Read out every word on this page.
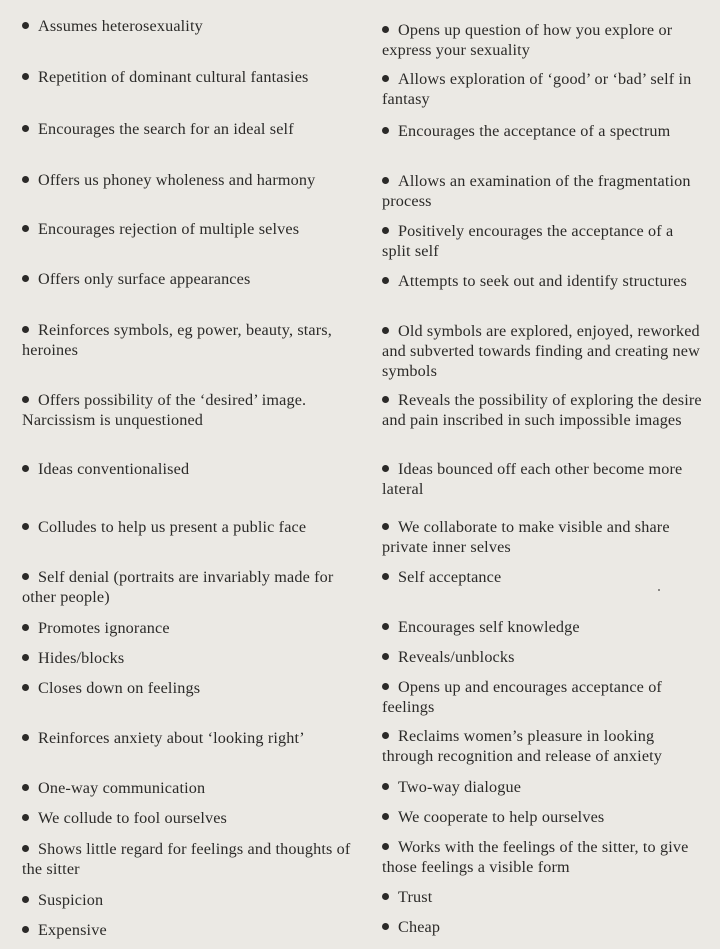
Assumes heterosexuality

Repetition of dominant cultural fantasies

Encourages the search for an ideal self

Offers us phoney wholeness and harmony

Encourages rejection of multiple selves

Offers only surface appearances

Reinforces symbols, eg power, beauty, stars, heroines

Offers possibility of the ‘desired’ image. Narcissism is unquestioned

Ideas conventionalised

Colludes to help us present a public face

Self denial (portraits are invariably made for other people)

Promotes ignorance

Hides/blocks

Closes down on feelings

Reinforces anxiety about ‘looking right’

One-way communication

We collude to fool ourselves

Shows little regard for feelings and thoughts of the sitter

Suspicion

Expensive

Opens up question of how you explore or express your sexuality

Allows exploration of ‘good’ or ‘bad’ self in fantasy

Encourages the acceptance of a spectrum

Allows an examination of the fragmentation process

Positively encourages the acceptance of a split self

Attempts to seek out and identify structures

Old symbols are explored, enjoyed, reworked and subverted towards finding and creating new symbols

Reveals the possibility of exploring the desire and pain inscribed in such impossible images

Ideas bounced off each other become more lateral

We collaborate to make visible and share private inner selves

Self acceptance

Encourages self knowledge

Reveals/unblocks

Opens up and encourages acceptance of feelings

Reclaims women’s pleasure in looking through recognition and release of anxiety

Two-way dialogue

We cooperate to help ourselves

Works with the feelings of the sitter, to give those feelings a visible form

Trust

Cheap
